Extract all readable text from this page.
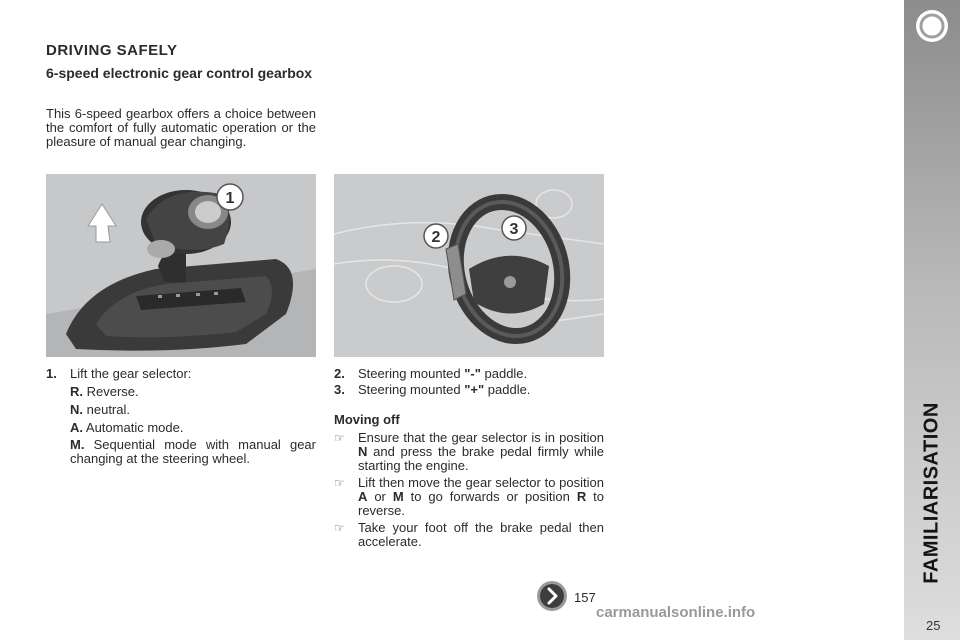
DRIVING SAFELY
6-speed electronic gear control gearbox
This 6-speed gearbox offers a choice between the comfort of fully automatic operation or the pleasure of manual gear changing.
1
2	3
1. Lift the gear selector:
R. Reverse.
N. neutral.
A. Automatic mode.
M. Sequential mode with manual gear changing at the steering wheel.
2. Steering mounted "-" paddle.
3. Steering mounted "+" paddle.
Moving off
☞ Ensure that the gear selector is in position N and press the brake pedal firmly while starting the engine.
☞ Lift then move the gear selector to position A or M to go forwards or position R to reverse.
☞ Take your foot off the brake pedal then accelerate.
157
FAMILIARISATION
25
carmanualsonline.info
